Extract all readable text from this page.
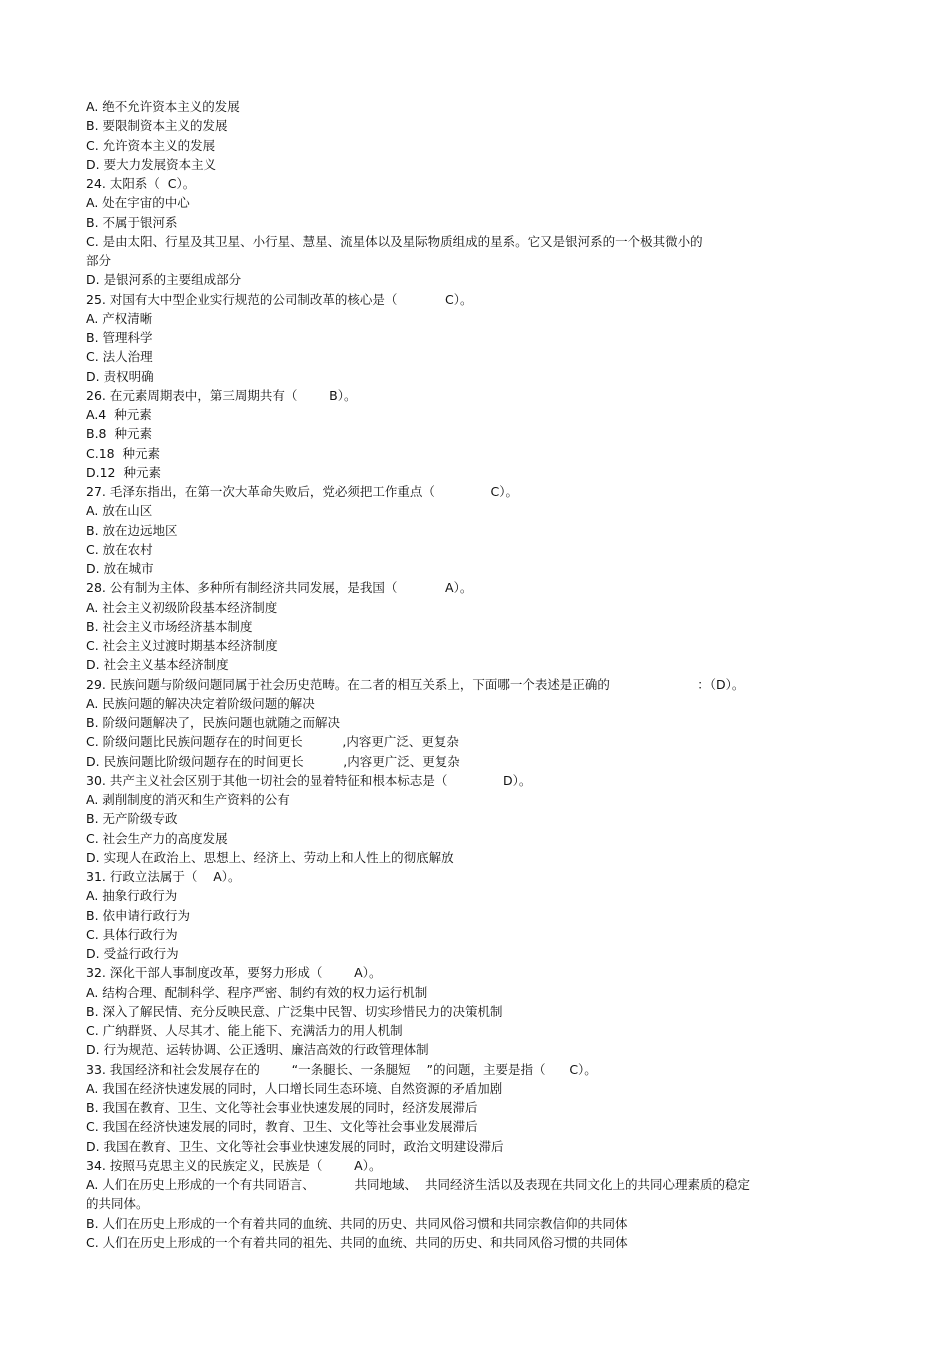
A. 绝不允许资本主义的发展
B. 要限制资本主义的发展
C. 允许资本主义的发展
D. 要大力发展资本主义
24. 太阳系（  C）。
A. 处在宇宙的中心
B. 不属于银河系
C. 是由太阳、行星及其卫星、小行星、慧星、流星体以及星际物质组成的星系。它又是银河系的一个极其微小的
部分
D. 是银河系的主要组成部分
25. 对国有大中型企业实行规范的公司制改革的核心是（            C）。
A. 产权清晰
B. 管理科学
C. 法人治理
D. 责权明确
26. 在元素周期表中，第三周期共有（        B）。
A.4  种元素
B.8  种元素
C.18  种元素
D.12  种元素
27. 毛泽东指出，在第一次大革命失败后，党必须把工作重点（              C）。
A. 放在山区
B. 放在边远地区
C. 放在农村
D. 放在城市
28. 公有制为主体、多种所有制经济共同发展，是我国（            A）。
A. 社会主义初级阶段基本经济制度
B. 社会主义市场经济基本制度
C. 社会主义过渡时期基本经济制度
D. 社会主义基本经济制度
29. 民族问题与阶级问题同属于社会历史范畴。在二者的相互关系上，下面哪一个表述是正确的                      ：（D）。
A. 民族问题的解决决定着阶级问题的解决
B. 阶级问题解决了，民族问题也就随之而解决
C. 阶级问题比民族问题存在的时间更长          ,内容更广泛、更复杂
D. 民族问题比阶级问题存在的时间更长          ,内容更广泛、更复杂
30. 共产主义社会区别于其他一切社会的显着特征和根本标志是（              D）。
A. 剥削制度的消灭和生产资料的公有
B. 无产阶级专政
C. 社会生产力的高度发展
D. 实现人在政治上、思想上、经济上、劳动上和人性上的彻底解放
31. 行政立法属于（    A）。
A. 抽象行政行为
B. 依申请行政行为
C. 具体行政行为
D. 受益行政行为
32. 深化干部人事制度改革，要努力形成（        A）。
A. 结构合理、配制科学、程序严密、制约有效的权力运行机制
B. 深入了解民情、充分反映民意、广泛集中民智、切实珍惜民力的决策机制
C. 广纳群贤、人尽其才、能上能下、充满活力的用人机制
D. 行为规范、运转协调、公正透明、廉洁高效的行政管理体制
33. 我国经济和社会发展存在的        “一条腿长、一条腿短    ”的问题，主要是指（      C）。
A. 我国在经济快速发展的同时，人口增长同生态环境、自然资源的矛盾加剧
B. 我国在教育、卫生、文化等社会事业快速发展的同时，经济发展滞后
C. 我国在经济快速发展的同时，教育、卫生、文化等社会事业发展滞后
D. 我国在教育、卫生、文化等社会事业快速发展的同时，政治文明建设滞后
34. 按照马克思主义的民族定义，民族是（        A）。
A. 人们在历史上形成的一个有共同语言、          共同地域、  共同经济生活以及表现在共同文化上的共同心理素质的稳定
的共同体。
B. 人们在历史上形成的一个有着共同的血统、共同的历史、共同风俗习惯和共同宗教信仰的共同体
C. 人们在历史上形成的一个有着共同的祖先、共同的血统、共同的历史、和共同风俗习惯的共同体
